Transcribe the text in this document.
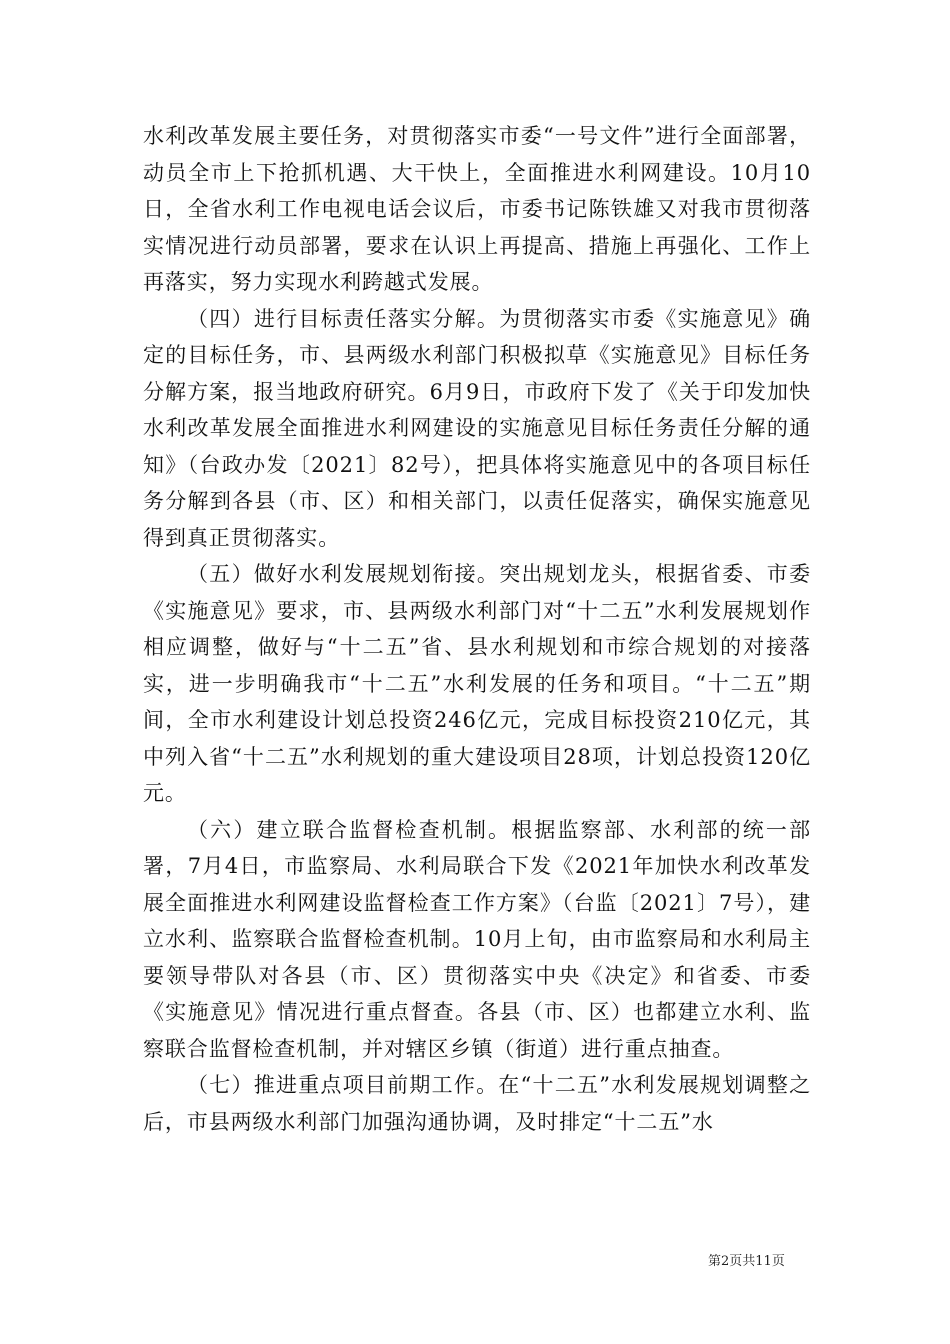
水利改革发展主要任务，对贯彻落实市委“一号文件”进行全面部署，动员全市上下抢抓机遇、大干快上，全面推进水利网建设。10月10日，全省水利工作电视电话会议后，市委书记陈铁雄又对我市贯彻落实情况进行动员部署，要求在认识上再提高、措施上再强化、工作上再落实，努力实现水利跨越式发展。

（四）进行目标责任落实分解。为贯彻落实市委《实施意见》确定的目标任务，市、县两级水利部门积极拟草《实施意见》目标任务分解方案，报当地政府研究。6月9日，市政府下发了《关于印发加快水利改革发展全面推进水利网建设的实施意见目标任务责任分解的通知》（台政办发〔2021〕82号），把具体将实施意见中的各项目标任务分解到各县（市、区）和相关部门，以责任促落实，确保实施意见得到真正贯彻落实。

（五）做好水利发展规划衔接。突出规划龙头，根据省委、市委《实施意见》要求，市、县两级水利部门对“十二五”水利发展规划作相应调整，做好与“十二五”省、县水利规划和市综合规划的对接落实，进一步明确我市“十二五”水利发展的任务和项目。“十二五”期间，全市水利建设计划总投资246亿元，完成目标投资210亿元，其中列入省“十二五”水利规划的重大建设项目28项，计划总投资120亿元。

（六）建立联合监督检查机制。根据监察部、水利部的统一部署，7月4日，市监察局、水利局联合下发《2021年加快水利改革发展全面推进水利网建设监督检查工作方案》（台监〔2021〕7号），建立水利、监察联合监督检查机制。10月上旬，由市监察局和水利局主要领导带队对各县（市、区）贯彻落实中央《决定》和省委、市委《实施意见》情况进行重点督查。各县（市、区）也都建立水利、监察联合监督检查机制，并对辖区乡镇（街道）进行重点抽查。

（七）推进重点项目前期工作。在“十二五”水利发展规划调整之后，市县两级水利部门加强沟通协调，及时排定“十二五”水

第2页共11页
